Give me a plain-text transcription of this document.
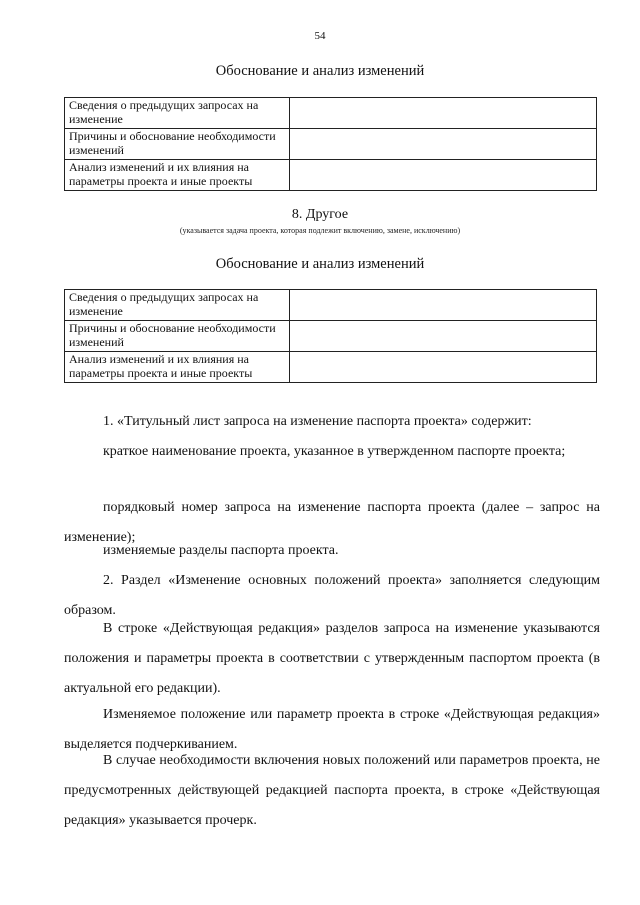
54
Обоснование и анализ изменений
Сведения о предыдущих запросах на изменение	
Причины и обоснование необходимости изменений	
Анализ изменений и их влияния на параметры проекта и иные проекты	
8. Другое
(указывается задача проекта, которая подлежит включению, замене, исключению)
Обоснование и анализ изменений
Сведения о предыдущих запросах на изменение	
Причины и обоснование необходимости изменений	
Анализ изменений и их влияния на параметры проекта и иные проекты	

1. «Титульный лист запроса на изменение паспорта проекта» содержит:

краткое наименование проекта, указанное в утвержденном паспорте проекта;

порядковый номер запроса на изменение паспорта проекта (далее – запрос на изменение);

изменяемые разделы паспорта проекта.

2. Раздел «Изменение основных положений проекта» заполняется следующим образом.

В строке «Действующая редакция» разделов запроса на изменение указываются положения и параметры проекта в соответствии с утвержденным паспортом проекта (в актуальной его редакции).

Изменяемое положение или параметр проекта в строке «Действующая редакция» выделяется подчеркиванием.

В случае необходимости включения новых положений или параметров проекта, не предусмотренных действующей редакцией паспорта проекта, в строке «Действующая редакция» указывается прочерк.
